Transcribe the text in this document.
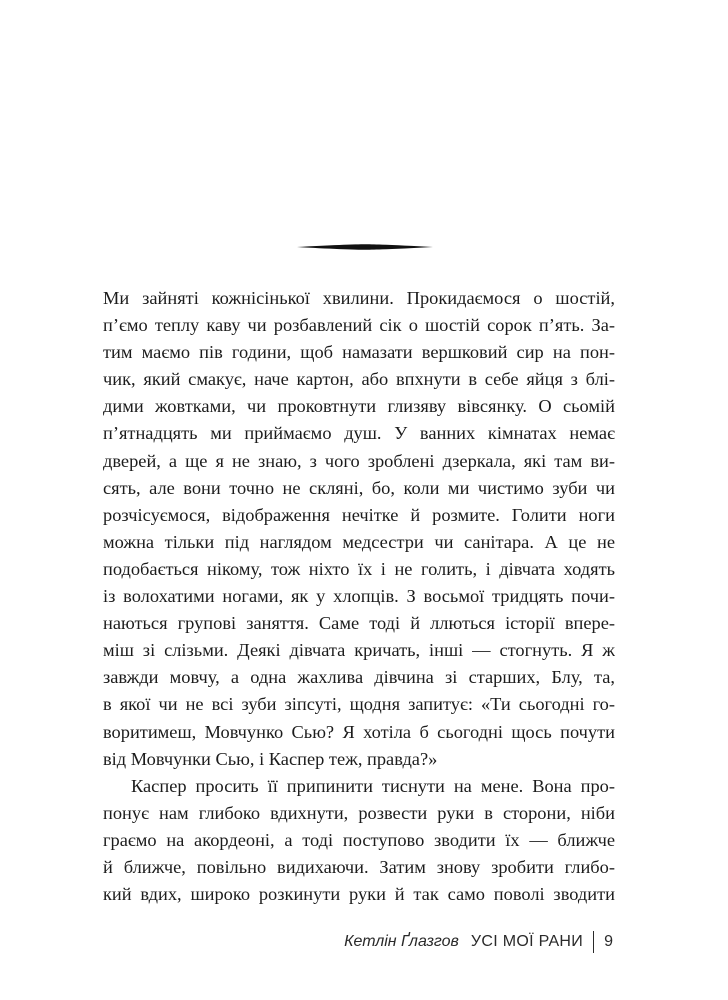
Ми зайняті кожнісінької хвилини. Прокидаємося о шостій,
п’ємо теплу каву чи розбавлений сік о шостій сорок п’ять. За-
тим маємо пів години, щоб намазати вершковий сир на пон-
чик, який смакує, наче картон, або впхнути в себе яйця з блі-
дими жовтками, чи проковтнути глизяву вівсянку. О сьомій
п’ятнадцять ми приймаємо душ. У ванних кімнатах немає
дверей, а ще я не знаю, з чого зроблені дзеркала, які там ви-
сять, але вони точно не скляні, бо, коли ми чистимо зуби чи
розчісуємося, відображення нечітке й розмите. Голити ноги
можна тільки під наглядом медсестри чи санітара. А це не
подобається нікому, тож ніхто їх і не голить, і дівчата ходять
із волохатими ногами, як у хлопців. З восьмої тридцять почи-
наються групові заняття. Саме тоді й ллються історії впере-
міш зі слізьми. Деякі дівчата кричать, інші — стогнуть. Я ж
завжди мовчу, а одна жахлива дівчина зі старших, Блу, та,
в якої чи не всі зуби зіпсуті, щодня запитує: «Ти сьогодні го-
воритимеш, Мовчунко Сью? Я хотіла б сьогодні щось почути
від Мовчунки Сью, і Каспер теж, правда?»
Каспер просить її припинити тиснути на мене. Вона про-
понує нам глибоко вдихнути, розвести руки в сторони, ніби
граємо на акордеоні, а тоді поступово зводити їх — ближче
й ближче, повільно видихаючи. Затим знову зробити глибо-
кий вдих, широко розкинути руки й так само поволі зводити
Кетлін Ґлазгов УСІ МОЇ РАНИ 9
